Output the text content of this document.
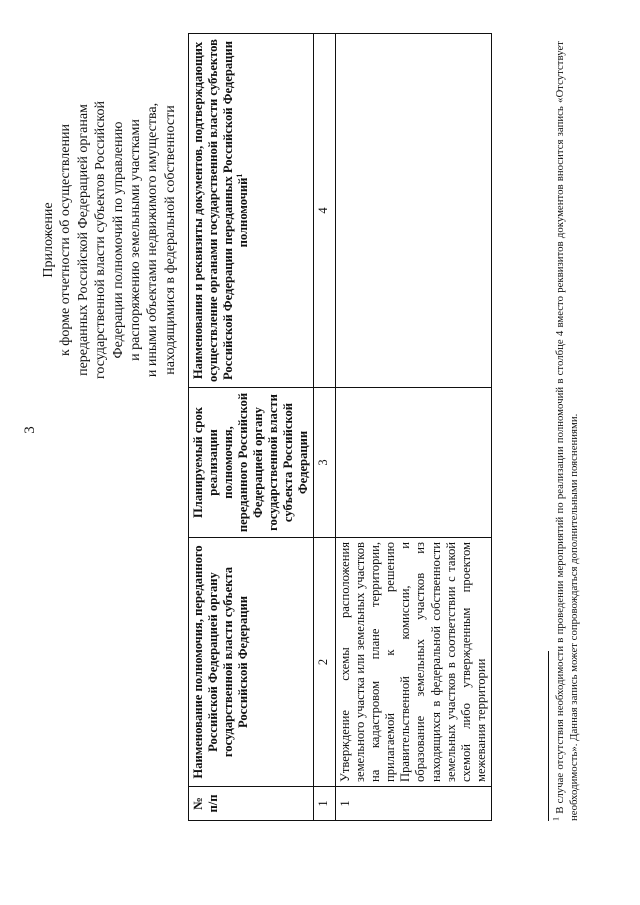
3
Приложение к форме отчетности об осуществлении переданных Российской Федерацией органам государственной власти субъектов Российской Федерации полномочий по управлению и распоряжению земельными участками и иными объектами недвижимого имущества, находящимися в федеральной собственности
№ п/п	Наименование полномочия, переданного Российской Федерацией органу государственной власти субъекта Российской Федерации	Планируемый срок реализации полномочия, переданного Российской Федерацией органу государственной власти субъекта Российской Федерации	Наименования и реквизиты документов, подтверждающих осуществление органами государственной власти субъектов Российской Федерации переданных Российской Федерации полномочий$^1$
1	2	3	4
1	Утверждение схемы расположения земельного участка или земельных участков на кадастровом плане территории, прилагаемой к решению Правительственной комиссии, и образование земельных участков из находящихся в федеральной собственности земельных участков в соответствии с такой схемой либо утвержденным проектом межевания территории		
$^1$ В случае отсутствия необходимости в проведении мероприятий по реализации полномочий в столбце 4 вместо реквизитов документов вносится запись «Отсутствует необходимость». Данная запись может сопровождаться дополнительными пояснениями.
